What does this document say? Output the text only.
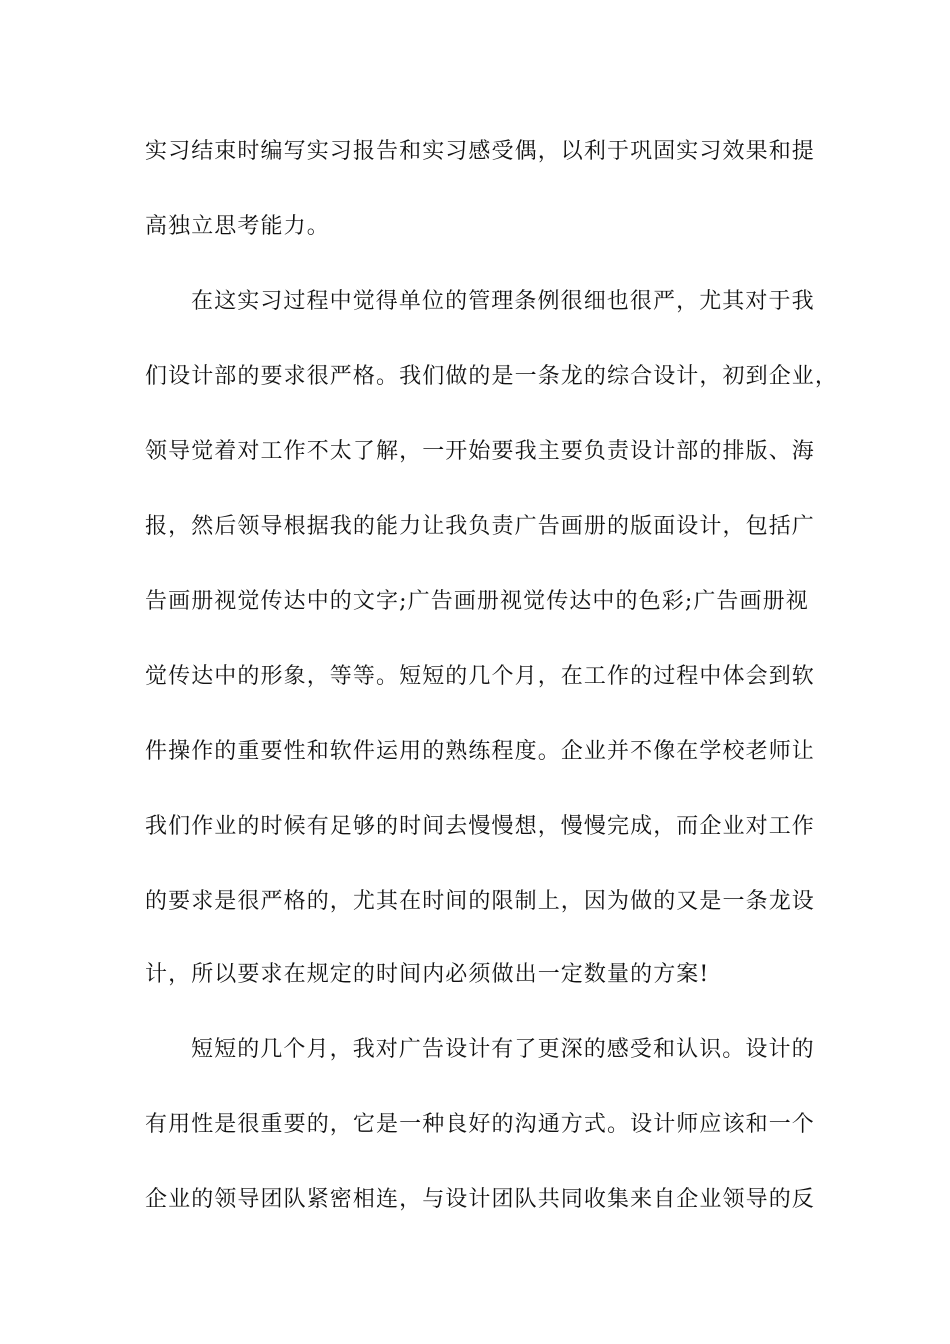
实习结束时编写实习报告和实习感受偶，以利于巩固实习效果和提
高独立思考能力。
在这实习过程中觉得单位的管理条例很细也很严，尤其对于我
们设计部的要求很严格。我们做的是一条龙的综合设计，初到企业，
领导觉着对工作不太了解，一开始要我主要负责设计部的排版、海
报，然后领导根据我的能力让我负责广告画册的版面设计，包括广
告画册视觉传达中的文字;广告画册视觉传达中的色彩;广告画册视
觉传达中的形象，等等。短短的几个月，在工作的过程中体会到软
件操作的重要性和软件运用的熟练程度。企业并不像在学校老师让
我们作业的时候有足够的时间去慢慢想，慢慢完成，而企业对工作
的要求是很严格的，尤其在时间的限制上，因为做的又是一条龙设
计，所以要求在规定的时间内必须做出一定数量的方案!
短短的几个月，我对广告设计有了更深的感受和认识。设计的
有用性是很重要的，它是一种良好的沟通方式。设计师应该和一个
企业的领导团队紧密相连，与设计团队共同收集来自企业领导的反
